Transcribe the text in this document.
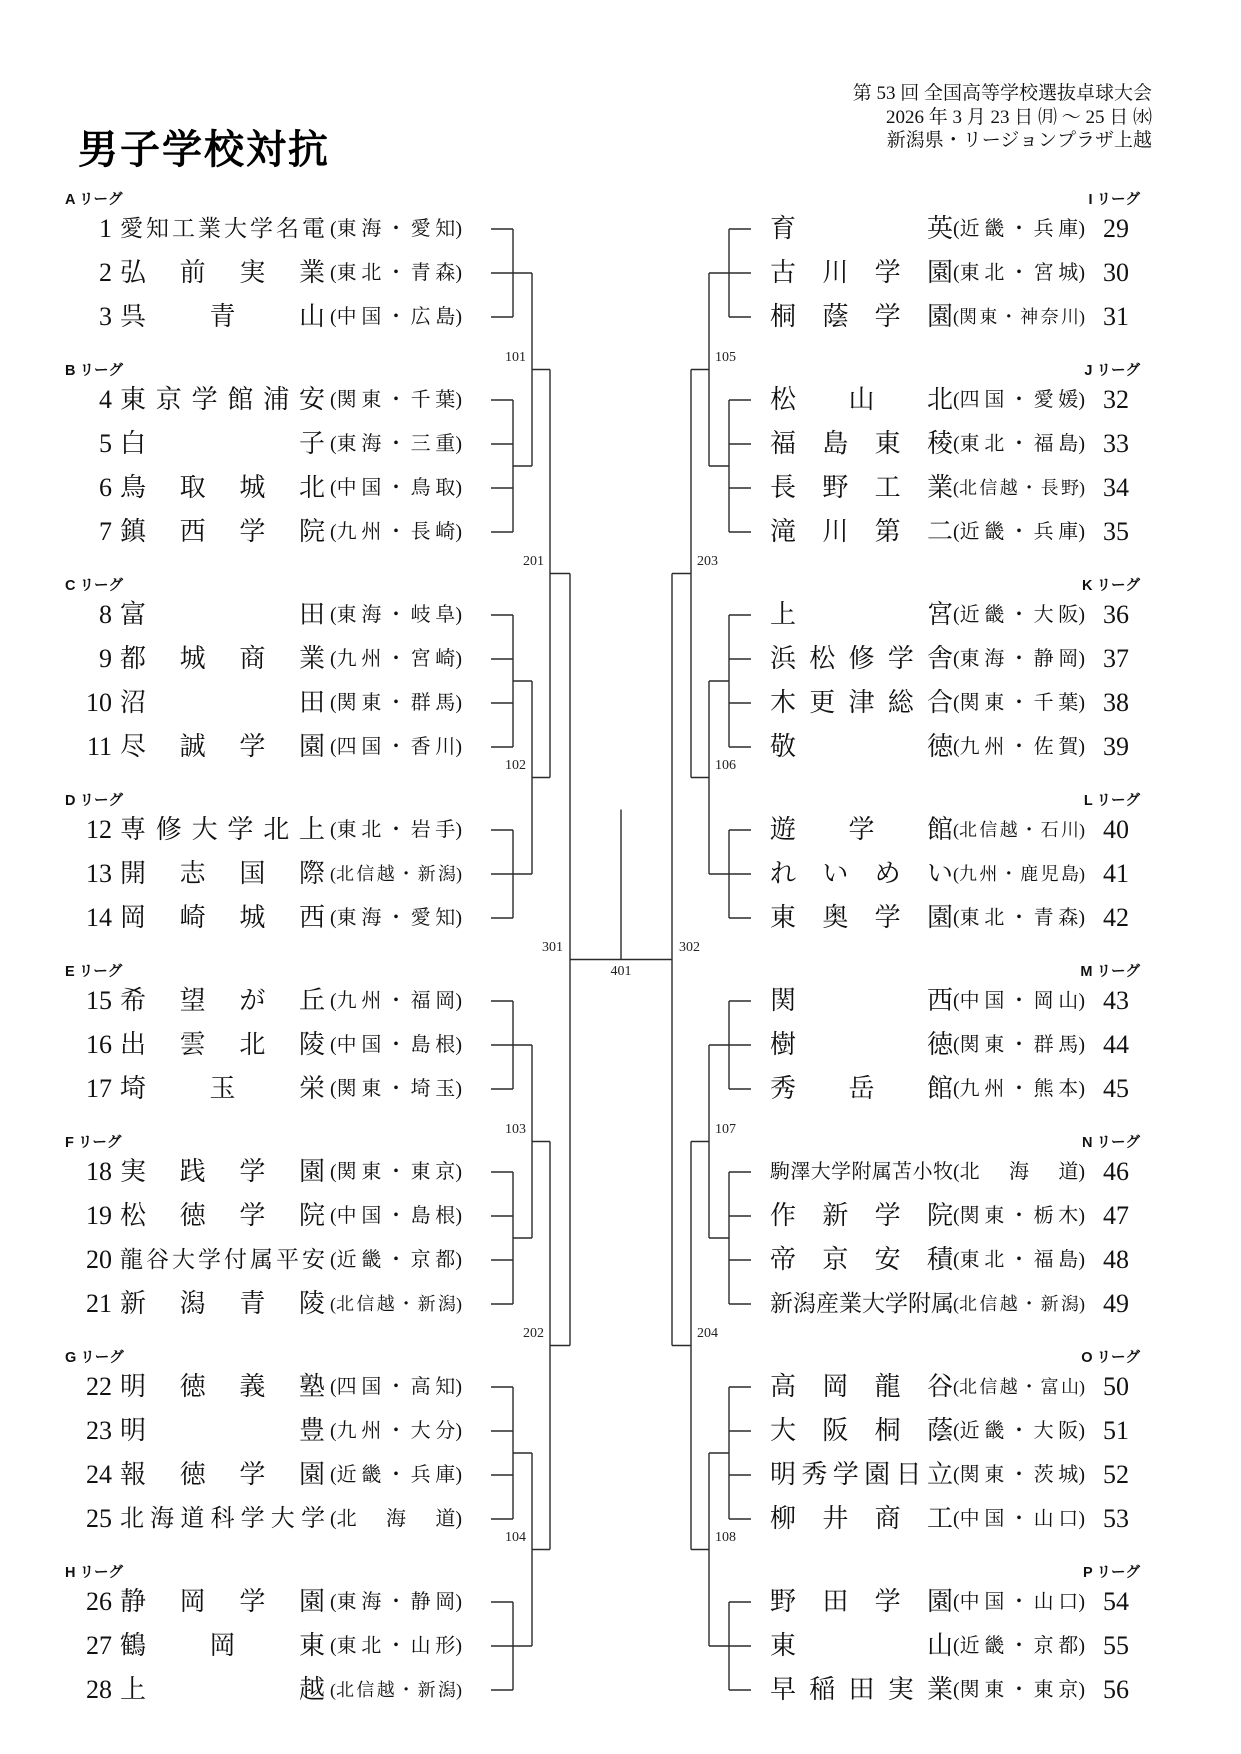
男子学校対抗
第 53 回 全国高等学校選抜卓球大会
2026 年 3 月 23 日 ㈪ ～ 25 日 ㈬
新潟県・リージョンプラザ上越
A リーグ
1 愛 知 工 業 大 学 名 電 ( 東 海 ・ 愛 知 )
2 弘 前 実 業 ( 東 北 ・ 青 森 )
3 呉 青 山 ( 中 国 ・ 広 島 )
B リーグ
4 東 京 学 館 浦 安 ( 関 東 ・ 千 葉 )
5 白	子 ( 東 海 ・ 三 重 )
6 鳥 取 城 北 ( 中 国 ・ 鳥 取 )
7 鎮 西 学 院 ( 九 州 ・ 長 崎 )
C リーグ
8 富	田 ( 東 海 ・ 岐 阜 )
9 都 城 商 業 ( 九 州 ・ 宮 崎 )
10 沼	田 ( 関 東 ・ 群 馬 )
11 尽 誠 学 園 ( 四 国 ・ 香 川 )
D リーグ
12 専 修 大 学 北 上 ( 東 北 ・ 岩 手 )
13 開 志 国 際 ( 北 信 越 ・ 新 潟 )
14 岡 崎 城 西 ( 東 海 ・ 愛 知 )
E リーグ
15 希 望 が 丘 ( 九 州 ・ 福 岡 )
16 出 雲 北 陵 ( 中 国 ・ 島 根 )
17 埼 玉 栄 ( 関 東 ・ 埼 玉 )
F リーグ
18 実 践 学 園 ( 関 東 ・ 東 京 )
19 松 徳 学 院 ( 中 国 ・ 島 根 )
20 龍 谷 大 学 付 属 平 安 ( 近 畿 ・ 京 都 )
21 新 潟 青 陵 ( 北 信 越 ・ 新 潟 )
G リーグ
22 明 徳 義 塾 ( 四 国 ・ 高 知 )
23 明	豊 ( 九 州 ・ 大 分 )
24 報 徳 学 園 ( 近 畿 ・ 兵 庫 )
25 北 海 道 科 学 大 学 ( 北 海 道 )
H リーグ
26 静 岡 学 園 ( 東 海 ・ 静 岡 )
27 鶴 岡 東 ( 東 北 ・ 山 形 )
28 上	越 ( 北 信 越 ・ 新 潟 )
101
102
103
104
201
202
301
I リーグ
29
育	英 ( 近 畿 ・ 兵 庫 )
30
古 川 学 園 ( 東 北 ・ 宮 城 )
31
桐 蔭 学 園 ( 関 東 ・ 神 奈 川 )
J リーグ
32
松 山 北 ( 四 国 ・ 愛 媛 )
33
福 島 東 稜 ( 東 北 ・ 福 島 )
34
長 野 工 業 ( 北 信 越 ・ 長 野 )
35
滝 川 第 二 ( 近 畿 ・ 兵 庫 )
K リーグ
36
上	宮 ( 近 畿 ・ 大 阪 )
37
浜 松 修 学 舎 ( 東 海 ・ 静 岡 )
38
木 更 津 総 合 ( 関 東 ・ 千 葉 )
39
敬	徳 ( 九 州 ・ 佐 賀 )
L リーグ
40
遊 学 館 ( 北 信 越 ・ 石 川 )
41
れ い め い ( 九 州 ・ 鹿 児 島 )
42
東 奥 学 園 ( 東 北 ・ 青 森 )
M リーグ
43
関	西 ( 中 国 ・ 岡 山 )
44
樹	徳 ( 関 東 ・ 群 馬 )
45
秀 岳 館 ( 九 州 ・ 熊 本 )
N リーグ
46
駒 澤 大 学 附 属 苫 小 牧 ( 北 海 道 )
47
作 新 学 院 ( 関 東 ・ 栃 木 )
48
帝 京 安 積 ( 東 北 ・ 福 島 )
49
新 潟 産 業 大 学 附 属 ( 北 信 越 ・ 新 潟 )
O リーグ
50
高 岡 龍 谷 ( 北 信 越 ・ 富 山 )
51
大 阪 桐 蔭 ( 近 畿 ・ 大 阪 )
52
明 秀 学 園 日 立 ( 関 東 ・ 茨 城 )
53
柳 井 商 工 ( 中 国 ・ 山 口 )
P リーグ
54
野 田 学 園 ( 中 国 ・ 山 口 )
55
東	山 ( 近 畿 ・ 京 都 )
56
早 稲 田 実 業 ( 関 東 ・ 東 京 )
105
106
107
108
203
204
302
401
